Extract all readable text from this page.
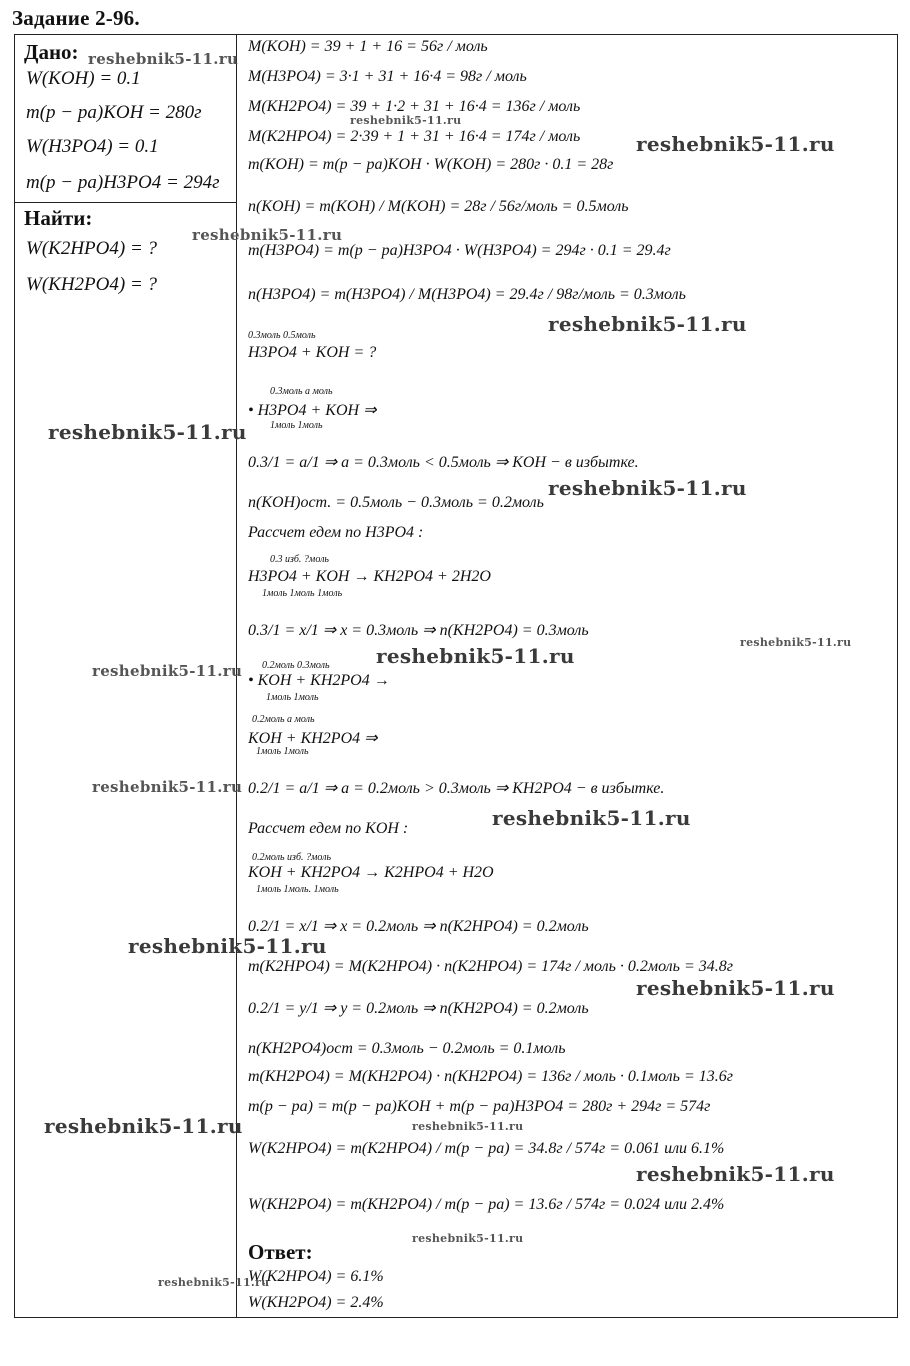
Задание 2-96.
Дано:
W(KOH) = 0.1
m(p − pa)KOH = 280г
W(H3PO4) = 0.1
m(p − pa)H3PO4 = 294г
Найти:
W(K2HPO4) = ?
W(KH2PO4) = ?
M(KOH) = 39 + 1 + 16 = 56г / моль
M(H3PO4) = 3·1 + 31 + 16·4 = 98г / моль
M(KH2PO4) = 39 + 1·2 + 31 + 16·4 = 136г / моль
M(K2HPO4) = 2·39 + 1 + 31 + 16·4 = 174г / моль
m(KOH) = m(p − pa)KOH · W(KOH) = 280г · 0.1 = 28г
n(KOH) = m(KOH) / M(KOH) = 28г / 56г/моль = 0.5моль
m(H3PO4) = m(p − pa)H3PO4 · W(H3PO4) = 294г · 0.1 = 29.4г
n(H3PO4) = m(H3PO4) / M(H3PO4) = 29.4г / 98г/моль = 0.3моль
0.3моль 0.5моль
H3PO4 + KOH = ?
0.3моль a моль
• H3PO4 + KOH ⇒
1моль 1моль
0.3/1 = a/1 ⇒ a = 0.3моль < 0.5моль ⇒ KOH − в избытке.
n(KOH)ост. = 0.5моль − 0.3моль = 0.2моль
Рассчет едем по H3PO4 :
0.3 изб. ?моль
H3PO4 + KOH → KH2PO4 + 2H2O
1моль 1моль 1моль
0.3/1 = x/1 ⇒ x = 0.3моль ⇒ n(KH2PO4) = 0.3моль
0.2моль 0.3моль
• KOH + KH2PO4 →
1моль 1моль
0.2моль a моль
KOH + KH2PO4 ⇒
1моль 1моль
0.2/1 = a/1 ⇒ a = 0.2моль > 0.3моль ⇒ KH2PO4 − в избытке.
Рассчет едем по KOH :
0.2моль изб. ?моль
KOH + KH2PO4 → K2HPO4 + H2O
1моль 1моль. 1моль
0.2/1 = x/1 ⇒ x = 0.2моль ⇒ n(K2HPO4) = 0.2моль
m(K2HPO4) = M(K2HPO4) · n(K2HPO4) = 174г / моль · 0.2моль = 34.8г
0.2/1 = y/1 ⇒ y = 0.2моль ⇒ n(KH2PO4) = 0.2моль
n(KH2PO4)ост = 0.3моль − 0.2моль = 0.1моль
m(KH2PO4) = M(KH2PO4) · n(KH2PO4) = 136г / моль · 0.1моль = 13.6г
m(p − pa) = m(p − pa)KOH + m(p − pa)H3PO4 = 280г + 294г = 574г
W(K2HPO4) = m(K2HPO4) / m(p − pa) = 34.8г / 574г = 0.061 или 6.1%
W(KH2PO4) = m(KH2PO4) / m(p − pa) = 13.6г / 574г = 0.024 или 2.4%
Ответ:
W(K2HPO4) = 6.1%
W(KH2PO4) = 2.4%
reshebnik5-11.ru
reshebnik5-11.ru
reshebnik5-11.ru
reshebnik5-11.ru
reshebnik5-11.ru
reshebnik5-11.ru
reshebnik5-11.ru
reshebnik5-11.ru
reshebnik5-11.ru
reshebnik5-11.ru
reshebnik5-11.ru
reshebnik5-11.ru
reshebnik5-11.ru
reshebnik5-11.ru
reshebnik5-11.ru
reshebnik5-11.ru
reshebnik5-11.ru
reshebnik5-11.ru
reshebnik5-11.ru
